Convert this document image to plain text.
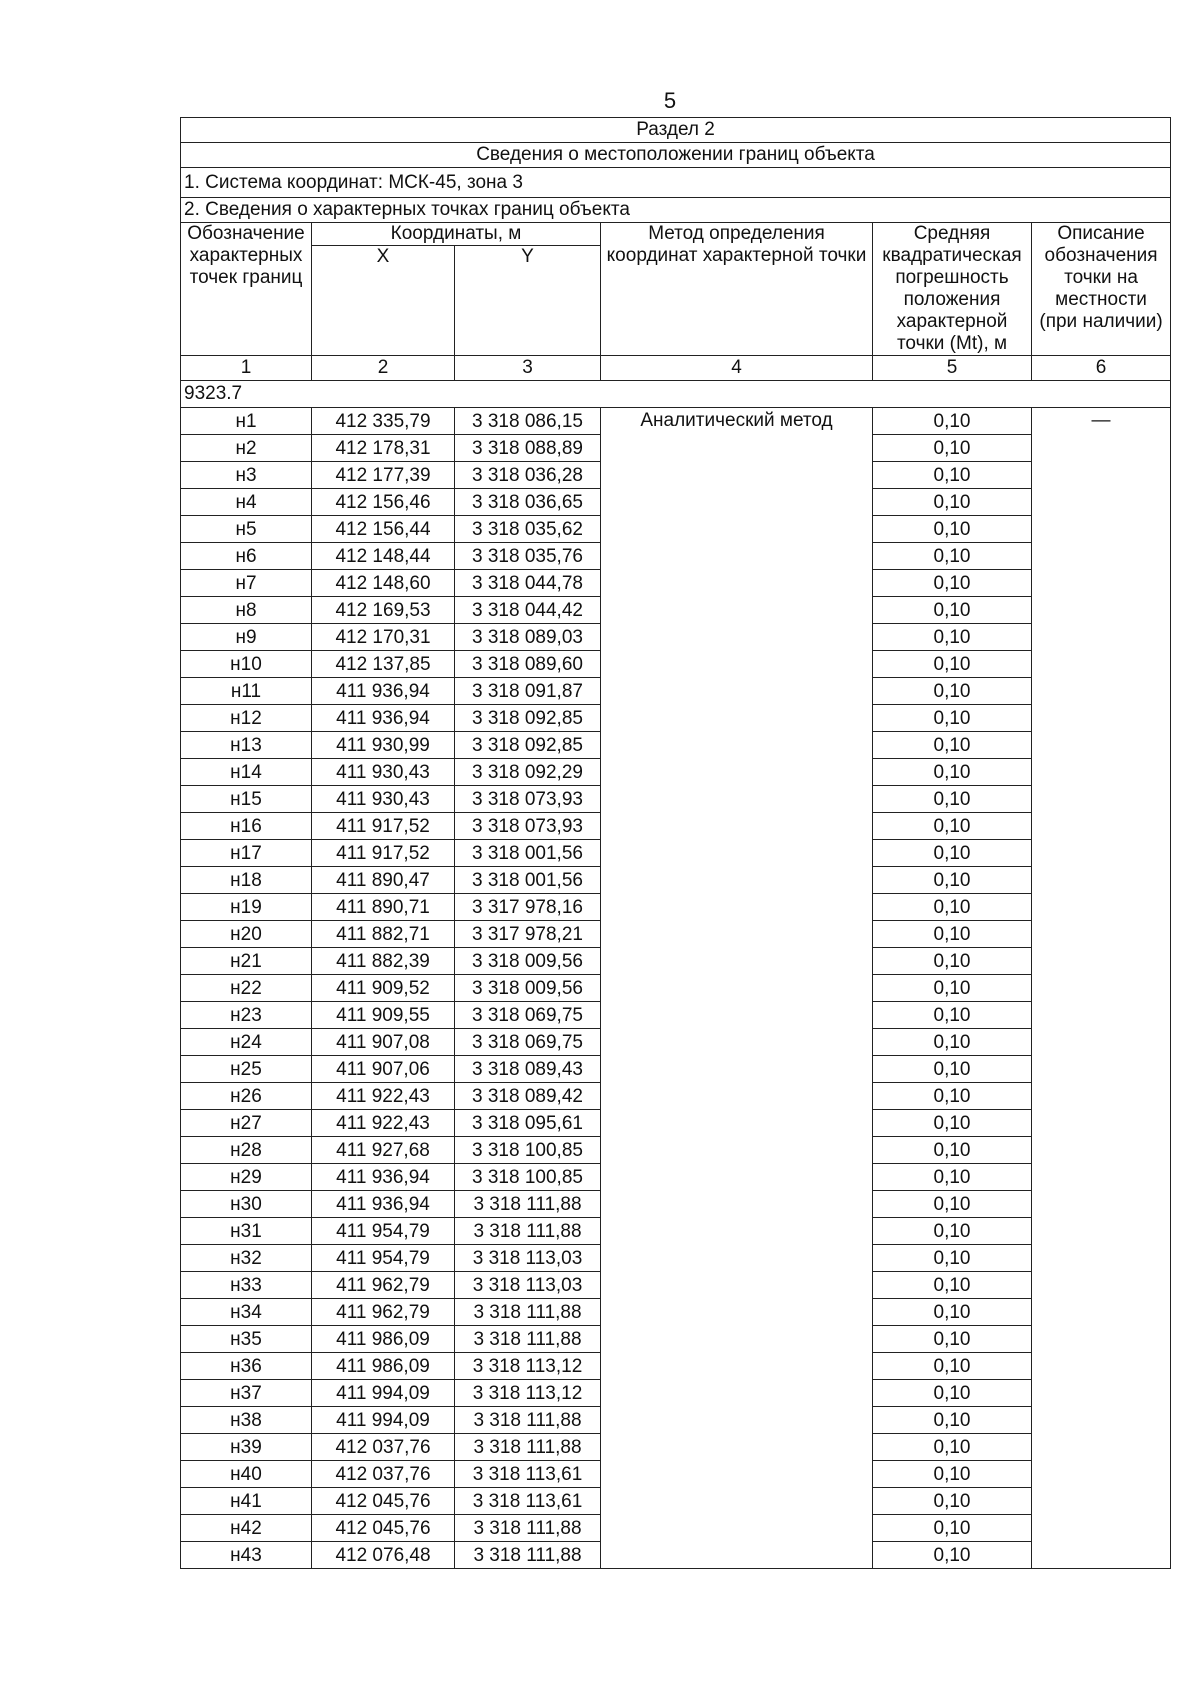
5
Раздел 2					
Сведения о местоположении границ объекта					
1. Система координат: МСК-45, зона 3					
2. Сведения о характерных точках границ объекта					
Обозначение характерных точек границ	Координаты, м		Метод определения координат характерной точки	Средняя квадратическая погрешность положения характерной точки (Mt), м	Описание обозначения точки на местности (при наличии)
	X	Y			
1	2	3	4	5	6
9323.7					
н1	412 335,79	3 318 086,15	Аналитический метод	0,10	—
н2	412 178,31	3 318 088,89		0,10	
н3	412 177,39	3 318 036,28		0,10	
н4	412 156,46	3 318 036,65		0,10	
н5	412 156,44	3 318 035,62		0,10	
н6	412 148,44	3 318 035,76		0,10	
н7	412 148,60	3 318 044,78		0,10	
н8	412 169,53	3 318 044,42		0,10	
н9	412 170,31	3 318 089,03		0,10	
н10	412 137,85	3 318 089,60		0,10	
н11	411 936,94	3 318 091,87		0,10	
н12	411 936,94	3 318 092,85		0,10	
н13	411 930,99	3 318 092,85		0,10	
н14	411 930,43	3 318 092,29		0,10	
н15	411 930,43	3 318 073,93		0,10	
н16	411 917,52	3 318 073,93		0,10	
н17	411 917,52	3 318 001,56		0,10	
н18	411 890,47	3 318 001,56		0,10	
н19	411 890,71	3 317 978,16		0,10	
н20	411 882,71	3 317 978,21		0,10	
н21	411 882,39	3 318 009,56		0,10	
н22	411 909,52	3 318 009,56		0,10	
н23	411 909,55	3 318 069,75		0,10	
н24	411 907,08	3 318 069,75		0,10	
н25	411 907,06	3 318 089,43		0,10	
н26	411 922,43	3 318 089,42		0,10	
н27	411 922,43	3 318 095,61		0,10	
н28	411 927,68	3 318 100,85		0,10	
н29	411 936,94	3 318 100,85		0,10	
н30	411 936,94	3 318 111,88		0,10	
н31	411 954,79	3 318 111,88		0,10	
н32	411 954,79	3 318 113,03		0,10	
н33	411 962,79	3 318 113,03		0,10	
н34	411 962,79	3 318 111,88		0,10	
н35	411 986,09	3 318 111,88		0,10	
н36	411 986,09	3 318 113,12		0,10	
н37	411 994,09	3 318 113,12		0,10	
н38	411 994,09	3 318 111,88		0,10	
н39	412 037,76	3 318 111,88		0,10	
н40	412 037,76	3 318 113,61		0,10	
н41	412 045,76	3 318 113,61		0,10	
н42	412 045,76	3 318 111,88		0,10	
н43	412 076,48	3 318 111,88		0,10	
